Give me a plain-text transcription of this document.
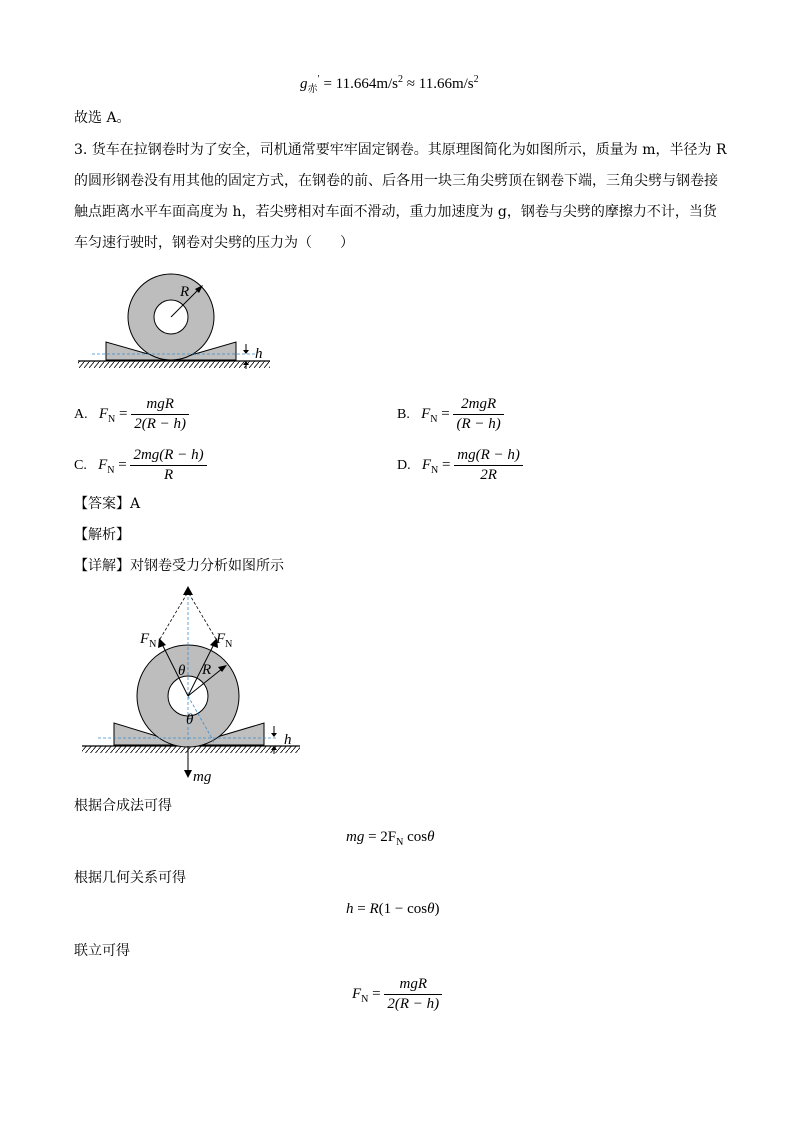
$g_赤' = 11.664m/s^2 \approx 11.66m/s^2$
故选 A。
3. 货车在拉钢卷时为了安全，司机通常要牢牢固定钢卷。其原理图简化为如图所示，质量为 m，半径为 R
的圆形钢卷没有用其他的固定方式，在钢卷的前、后各用一块三角尖劈顶在钢卷下端，三角尖劈与钢卷接
触点距离水平车面高度为 h，若尖劈相对车面不滑动，重力加速度为 g，钢卷与尖劈的摩擦力不计，当货
车匀速行驶时，钢卷对尖劈的压力为（　　）
R
h
A. $F_N = \frac{\text{mgR}}{2(R - h)}$	B. $F_N = \frac{\text{2mgR}}{(R - h)}$
C. $F_N = \frac{2mg(R - h)}{R}$	D. $F_N = \frac{mg(R - h)}{2R}$
【答案】A
【解析】
【详解】对钢卷受力分析如图所示
$F_N$	$F_N$
θ R
θ
mg
h
根据合成法可得
mg = $2F_N$ cosθ
根据几何关系可得
h = R(1 − cosθ)
联立可得
$F_N = \frac{\text{mgR}}{2(R - h)}$
